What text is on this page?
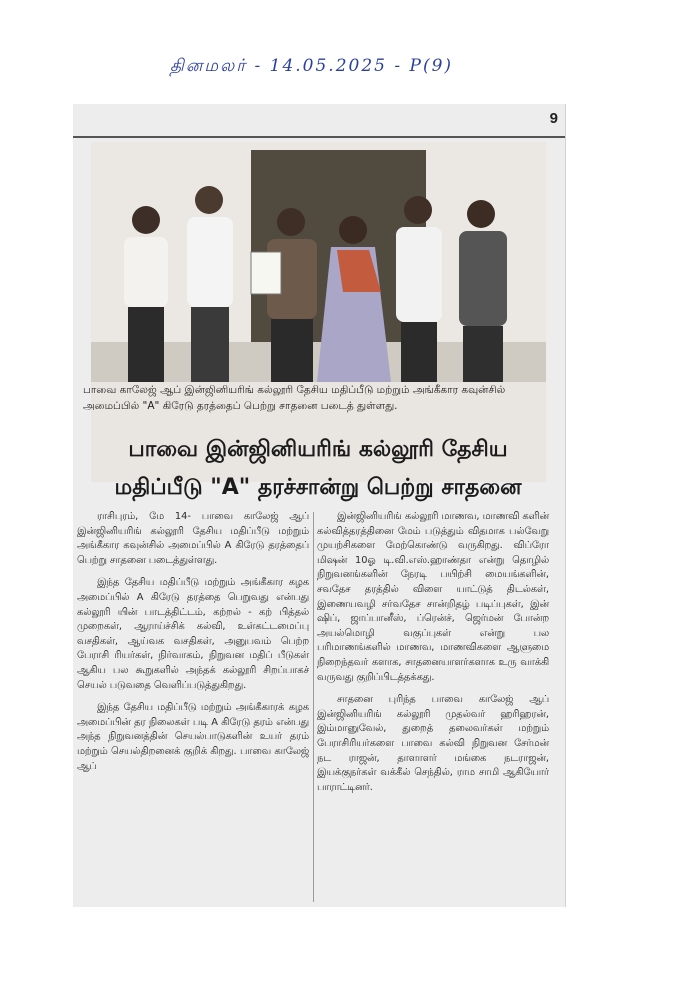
தினமலர் - 14.05.2025 - P(9)
9

பாவை காலேஜ் ஆப் இன்ஜினியரிங் கல்லூரி தேசிய மதிப்பீடு மற்றும் அங்கீகார கவுன்சில் அமைப்பில் "A" கிரேடு தரத்தைப் பெற்று சாதனை படைத் துள்ளது.

பாவை இன்ஜினியரிங் கல்லூரி தேசிய மதிப்பீடு "A" தரச்சான்று பெற்று சாதனை

ராசிபுரம், மே 14- பாவை காலேஜ் ஆப் இன்ஜினியரிங் கல்லூரி தேசிய மதிப்பீடு மற்றும் அங்கீகார கவுன்சில் அமைப்பில் A கிரேடு தரத்தைப் பெற்று சாதனை படைத்துள்ளது.

இந்த தேசிய மதிப்பீடு மற்றும் அங்கீகார கழக அமைப்பில் A கிரேடு தரத்தை பெறுவது என்பது கல்லூரி யின் பாடத்திட்டம், கற்றல் - கற் பித்தல் முறைகள், ஆராய்ச்சிக் கல்வி, உள்கட்டமைப்பு வசதிகள், ஆய்வக வசதிகள், அனுபவம் பெற்ற பேராசி ரியர்கள், நிர்வாகம், நிறுவன மதிப் பீடுகள் ஆகிய பல கூறுகளில் அந்தக் கல்லூரி சிறப்பாகச் செயல் படுவதை வெளிப்படுத்துகிறது.

இந்த தேசிய மதிப்பீடு மற்றும் அங்கீகாரக் கழக அமைப்பின் தர நிலைகள் படி A கிரேடு தரம் என்பது அந்த நிறுவனத்தின் செயல்பாடுகளின் உயர் தரம் மற்றும் செயல்திறனைக் குறிக் கிறது. பாவை காலேஜ் ஆப்

இன்ஜினியரிங் கல்லூரி மாணவ, மாணவி களின் கல்வித்தரத்தினை மேம் படுத்தும் விதமாக பல்வேறு முயற்சிகளை மேற்கொண்டு வருகிறது. விப்ரோ மிஷன் 10ஓ டி.வி.எஸ்.ஹாண்தா என்று தொழில் நிறுவனங்களின் நேரடி பயிற்சி மையங்களின், சவதேச தரத்தில் விளை யாட்டுத் திடல்கள், இணையவழி சர்வதேச சான்றிதழ் படிப்புகள், இன் ஷிப், ஜாப்பானீஸ், ப்ரென்ச், ஜெர்மன் போன்ற அயல்மொழி வகுப்புகள் என்று பல பரிமாணங்களில் மாணவ, மாணவிகளை ஆளுமை நிறைந்தவர் களாக, சாதனையாளர்களாக உரு வாக்கி வருவது குறிப்பிடத்தக்கது.

சாதனை புரிந்த பாவை காலேஜ் ஆப் இன்ஜினியரிங் கல்லூரி முதல்வர் ஹரிஹரன், இம்மானுவேல், துறைத் தலைவர்கள் மற்றும் பேராசிரியர்களை பாவை கல்வி நிறுவன சேர்மன் நட ராஜன், தாளாளர் மங்கை நடராஜன், இயக்குநர்கள் வக்கீல் செந்தில், ராம சாமி ஆகியோர் பாராட்டினர்.
